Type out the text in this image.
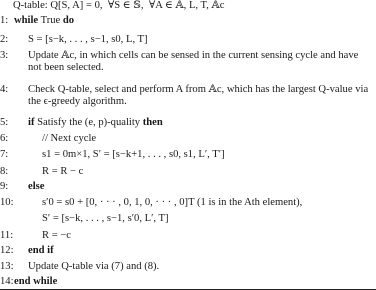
Q-table: Q[S, A] = 0,  ∀S ∈ 𝕊,  ∀A ∈ 𝔸, L, T, 𝔸c
1: while True do
2:	S = [s−k, . . . , s−1, s0, L, T]
3:	Update 𝔸c, in which cells can be sensed in the current sensing cycle and have not been selected.
4:	Check Q-table, select and perform A from 𝔸c, which has the largest Q-value via the ϵ-greedy algorithm.
5:	if Satisfy the (e, p)-quality then
6:	// Next cycle
7:	s1 = 0m×1, S′ = [s−k+1, . . . , s0, s1, L′, T′]
8:	R = R − c
9:	else
10:	s′0 = s0 + [0, · · · , 0, 1, 0, · · · , 0]T (1 is in the Ath element),
S′ = [s−k, . . . , s−1, s′0, L′, T]
11:	R = −c
12: end if
13: Update Q-table via (7) and (8).
14: end while
